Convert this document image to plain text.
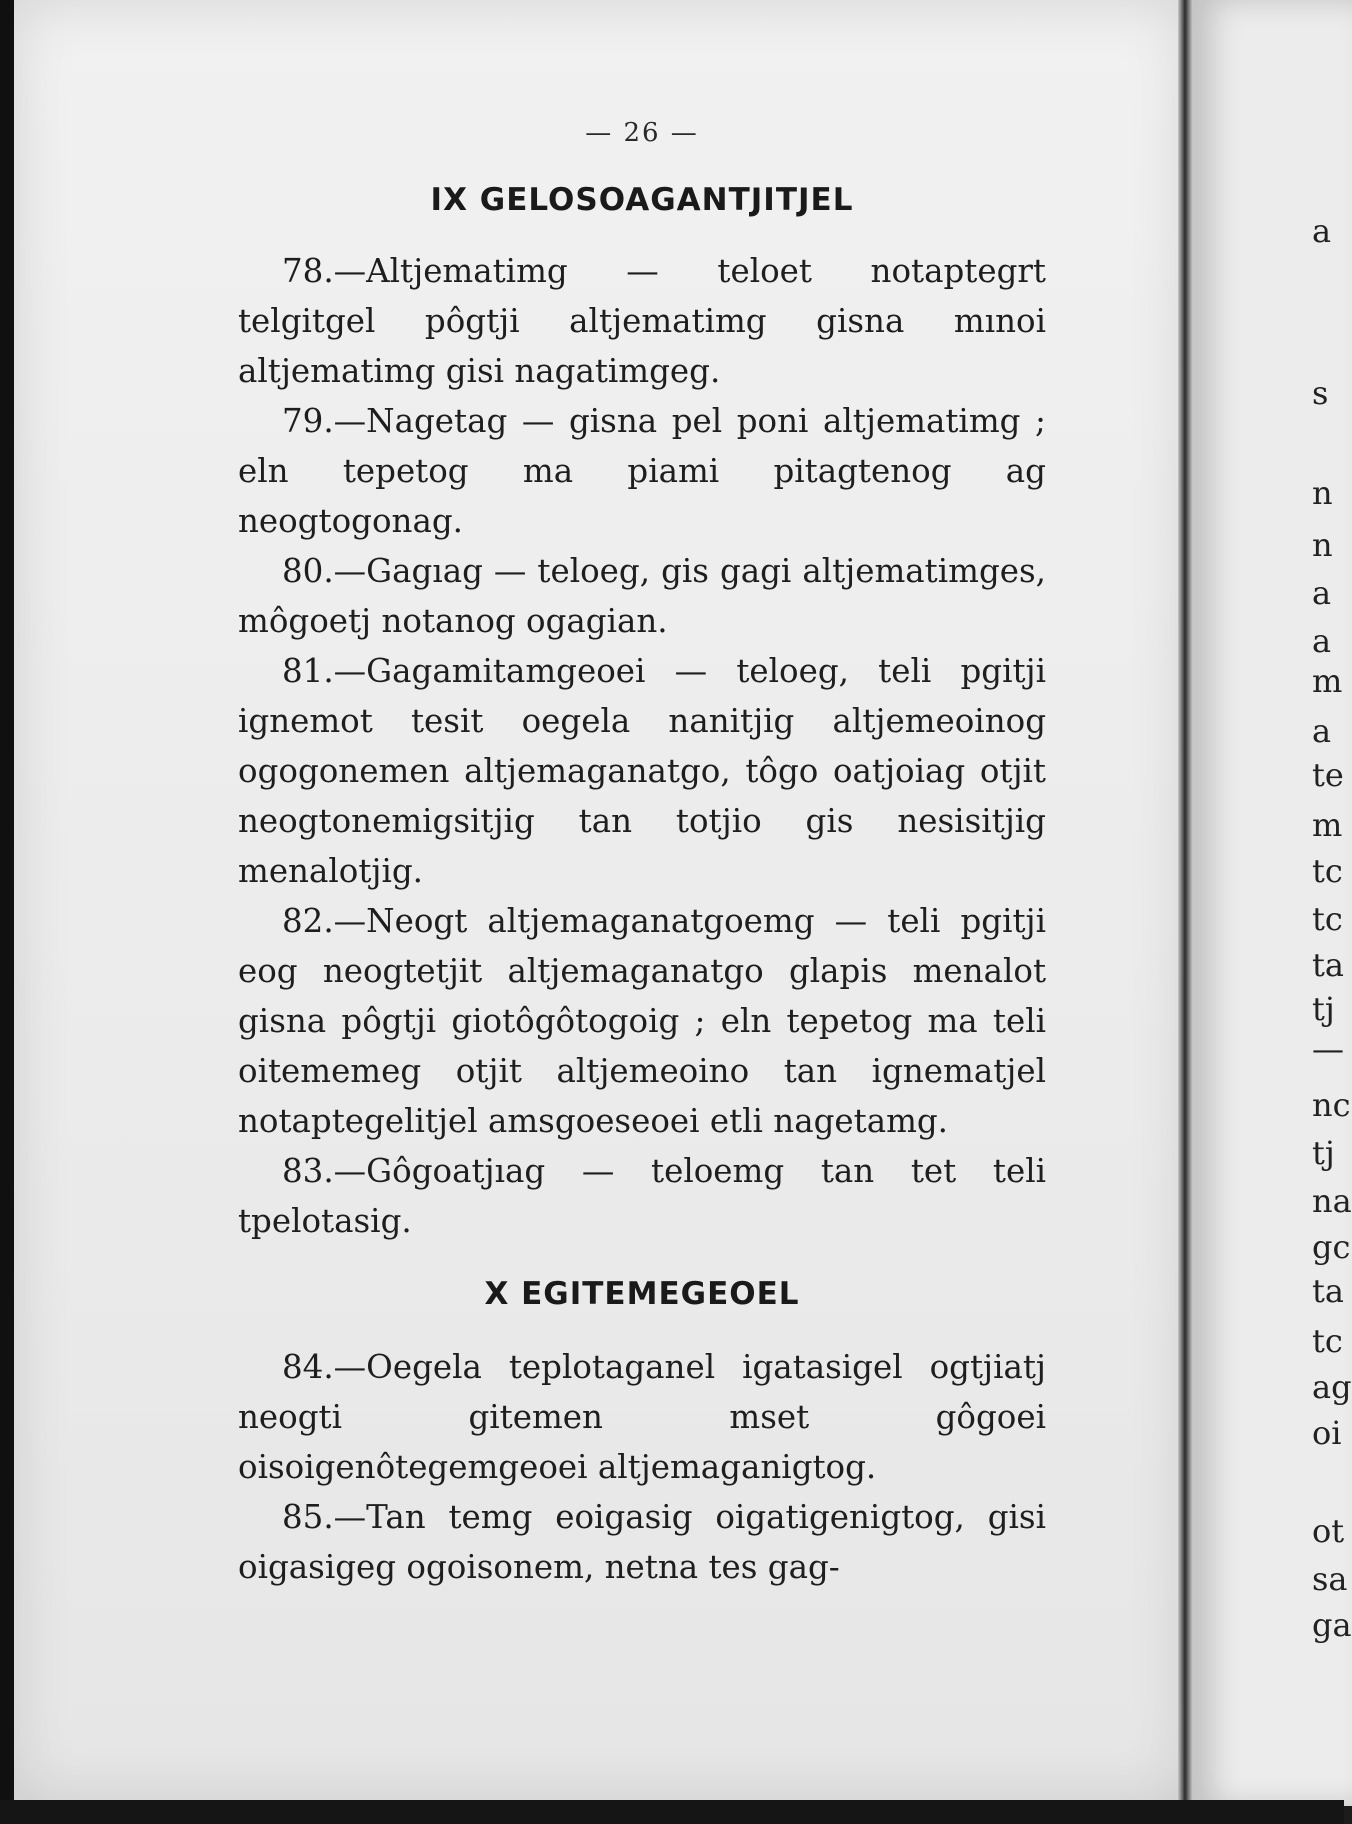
— 26 —
IX GELOSOAGANTJITJEL

78.—Altjematimg — teloet notaptegrt telgitgel pôgtji altjematimg gisna mınoi altjematimg gisi nagatimgeg.

79.—Nagetag — gisna pel poni altjematimg ; eln tepetog ma piami pitagtenog ag neogtogonag.

80.—Gagıag — teloeg, gis gagi altjematimges, môgoetj notanog ogagian.

81.—Gagamitamgeoei — teloeg, teli pgitji ignemot tesit oegela nanitjig altjemeoinog ogogonemen altjemaganatgo, tôgo oatjoiag otjit neogtonemigsitjig tan totjio gis nesisitjig menalotjig.

82.—Neogt altjemaganatgoemg — teli pgitji eog neogtetjit altjemaganatgo glapis menalot gisna pôgtji giotôgôtogoig ; eln tepetog ma teli oitememeg otjit altjemeoino tan ignematjel notaptegelitjel amsgoeseoei etli nagetamg.

83.—Gôgoatjıag — teloemg tan tet teli tpelotasig.

X EGITEMEGEOEL

84.—Oegela teplotaganel igatasigel ogtjiatj neogti gitemen mset gôgoei oisoigenôtegemgeoei altjemaganigtog.

85.—Tan temg eoigasig oigatigenigtog, gisi oigasigeg ogoisonem, netna tes gag-

a
s
n
n
a
a
m
a
te
m
tc
tc
ta
tj
—
nc
tj
na
gc
ta
tc
ag
oi
ot
sa
ga
